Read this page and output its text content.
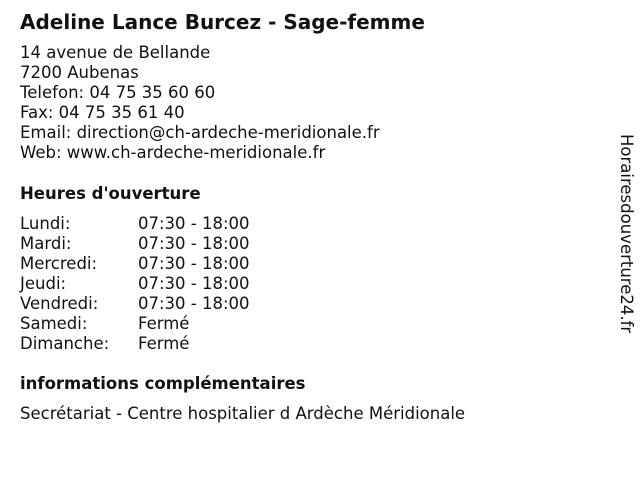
Adeline Lance Burcez - Sage-femme
14 avenue de Bellande
7200 Aubenas
Telefon: 04 75 35 60 60
Fax: 04 75 35 61 40
Email: direction@ch-ardeche-meridionale.fr
Web: www.ch-ardeche-meridionale.fr
Heures d'ouverture
Lundi:	07:30 - 18:00
Mardi:	07:30 - 18:00
Mercredi: 07:30 - 18:00
Jeudi:	07:30 - 18:00
Vendredi: 07:30 - 18:00
Samedi:	Fermé
Dimanche: Fermé
informations complémentaires
Secrétariat - Centre hospitalier d Ardèche Méridionale
Horairesdouverture24.fr
